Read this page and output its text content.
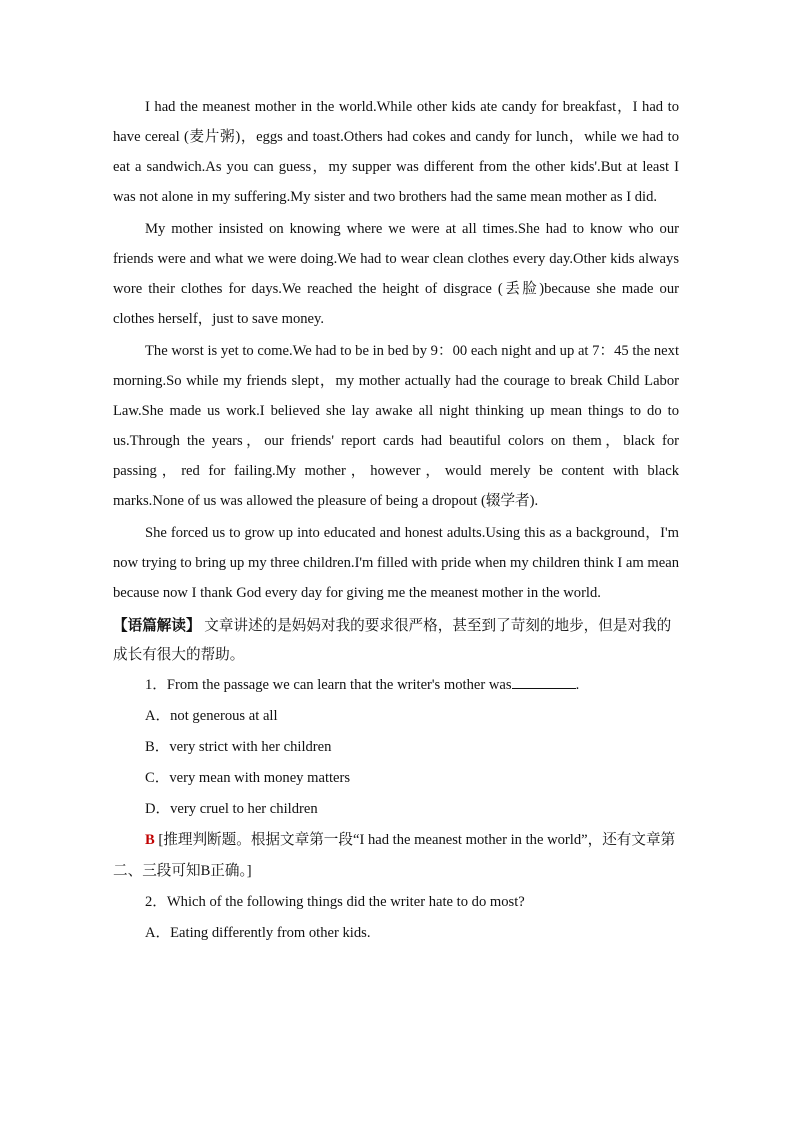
I had the meanest mother in the world.While other kids ate candy for breakfast，I had to have cereal (麦片粥)，eggs and toast.Others had cokes and candy for lunch，while we had to eat a sandwich.As you can guess，my supper was different from the other kids'.But at least I was not alone in my suffering.My sister and two brothers had the same mean mother as I did.

My mother insisted on knowing where we were at all times.She had to know who our friends were and what we were doing.We had to wear clean clothes every day.Other kids always wore their clothes for days.We reached the height of disgrace (丢脸)because she made our clothes herself，just to save money.

The worst is yet to come.We had to be in bed by 9：00 each night and up at 7：45 the next morning.So while my friends slept，my mother actually had the courage to break Child Labor Law.She made us work.I believed she lay awake all night thinking up mean things to do to us.Through the years，our friends' report cards had beautiful colors on them，black for passing，red for failing.My mother，however，would merely be content with black marks.None of us was allowed the pleasure of being a dropout (辍学者).

She forced us to grow up into educated and honest adults.Using this as a background，I'm now trying to bring up my three children.I'm filled with pride when my children think I am mean because now I thank God every day for giving me the meanest mother in the world.

【语篇解读】 文章讲述的是妈妈对我的要求很严格，甚至到了苛刻的地步，但是对我的成长有很大的帮助。

1．From the passage we can learn that the writer's mother was	.

A．not generous at all

B．very strict with her children

C．very mean with money matters

D．very cruel to her children

B [推理判断题。根据文章第一段“I had the meanest mother in the world”，还有文章第二、三段可知B正确。]

2．Which of the following things did the writer hate to do most?

A．Eating differently from other kids.
